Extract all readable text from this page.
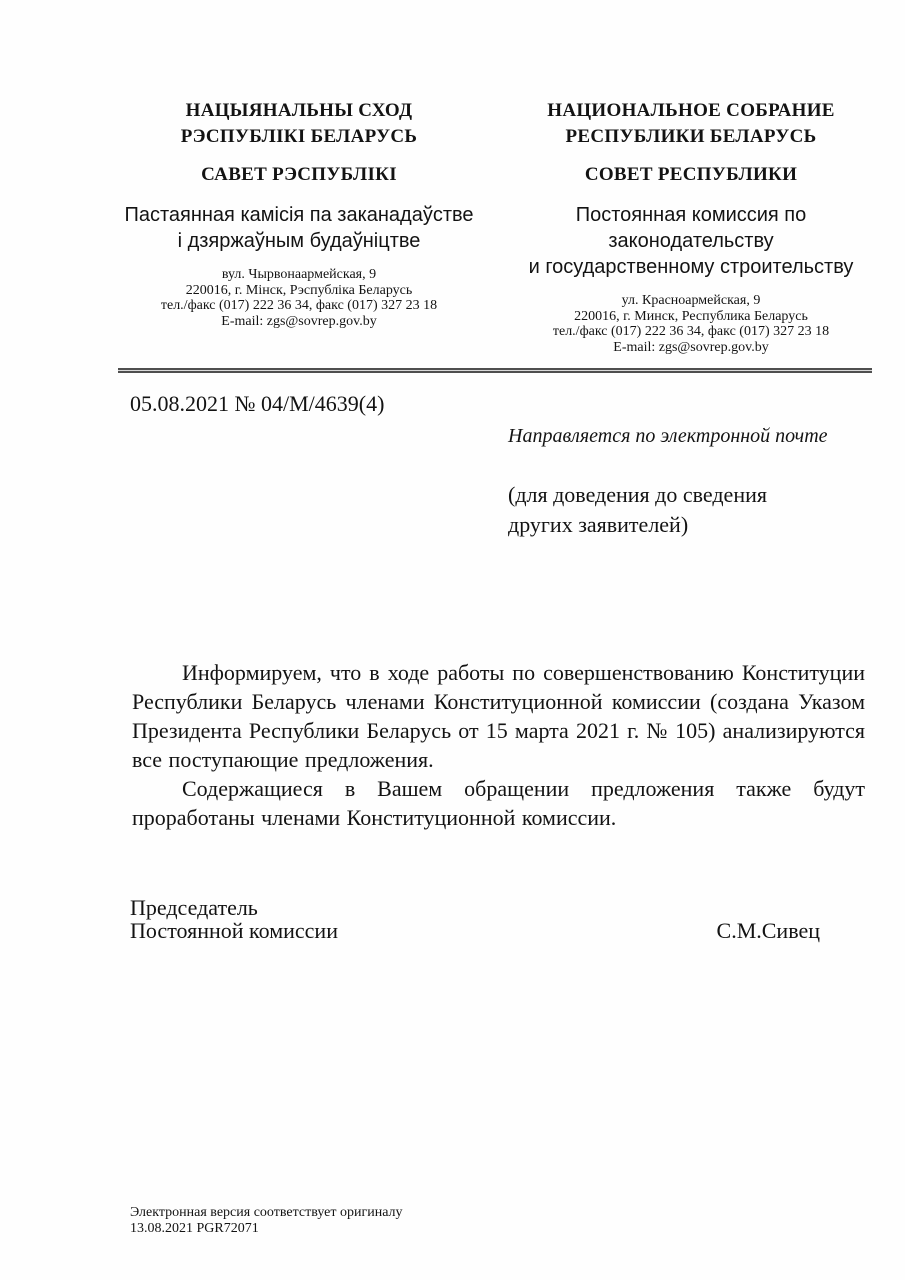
НАЦЫЯНАЛЬНЫ СХОД
РЭСПУБЛІКІ БЕЛАРУСЬ
САВЕТ РЭСПУБЛІКІ
Пастаянная камісія па заканадаўстве
і дзяржаўным будаўніцтве
вул. Чырвонаармейская, 9
220016, г. Мінск, Рэспубліка Беларусь
тел./факс (017) 222 36 34, факс (017) 327 23 18
E-mail: zgs@sovrep.gov.by
НАЦИОНАЛЬНОЕ СОБРАНИЕ
РЕСПУБЛИКИ БЕЛАРУСЬ
СОВЕТ РЕСПУБЛИКИ
Постоянная комиссия по законодательству
и государственному строительству
ул. Красноармейская, 9
220016, г. Минск, Республика Беларусь
тел./факс (017) 222 36 34, факс (017) 327 23 18
E-mail: zgs@sovrep.gov.by
05.08.2021 № 04/М/4639(4)
Направляется по электронной почте
(для доведения до сведения других заявителей)

Информируем, что в ходе работы по совершенствованию Конституции Республики Беларусь членами Конституционной комиссии (создана Указом Президента Республики Беларусь от 15 марта 2021 г. № 105) анализируются все поступающие предложения.

Содержащиеся в Вашем обращении предложения также будут проработаны членами Конституционной комиссии.

Председатель
Постоянной комиссии	С.М.Сивец
Электронная версия соответствует оригиналу
13.08.2021 PGR72071
